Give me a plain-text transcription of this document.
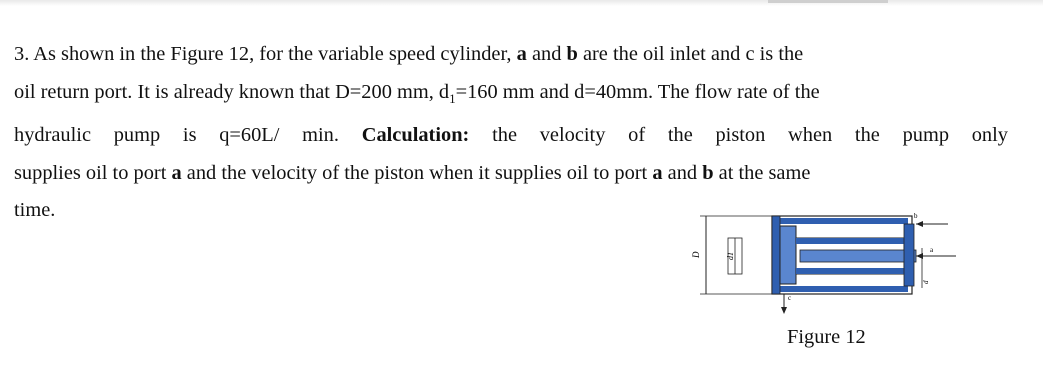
3. As shown in the Figure 12, for the variable speed cylinder, a and b are the oil inlet and c is the
oil return port. It is already known that D=200 mm, $d_1=160$ mm and d=40mm. The flow rate of the
hydraulic pump is q=60L/ min. Calculation: the velocity of the piston when the pump only
supplies oil to port a and the velocity of the piston when it supplies oil to port a and b at the same
time.
D	d1
b
a
d
c
Figure 12
